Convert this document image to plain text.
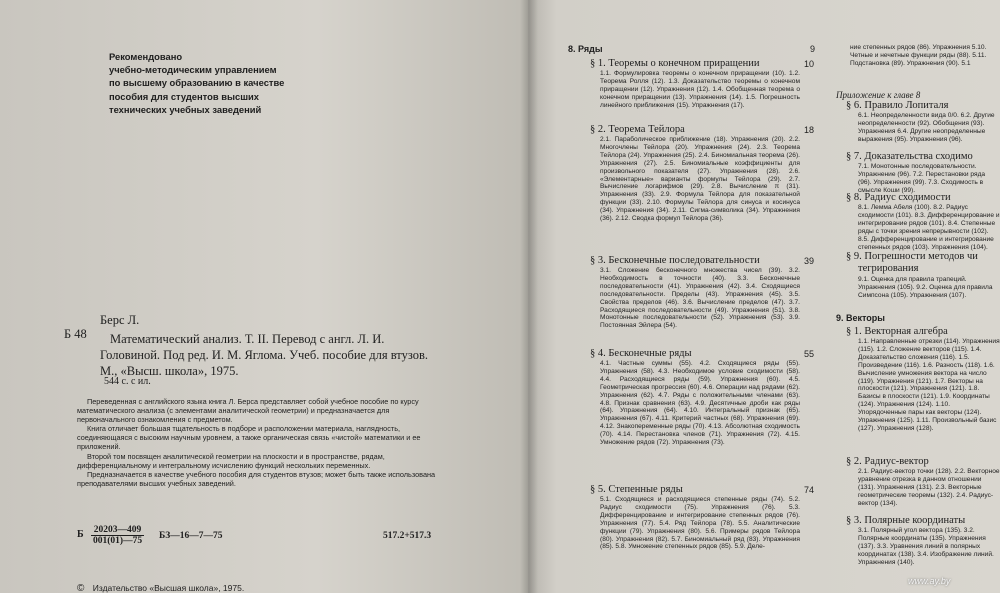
Рекомендовано
учебно-методическим управлением
по высшему образованию в качестве
пособия для студентов высших
технических учебных заведений
Б 48
Берс Л.
Математический анализ. Т. II. Перевод с англ. Л. И. Головиной. Под ред. И. М. Яглома. Учеб. пособие для втузов. М., «Высш. школа», 1975.
544 с. с ил.

Переведенная с английского языка книга Л. Берса представляет собой учебное пособие по курсу математического анализа (с элементами аналитической геометрии) и предназначается для первоначального ознакомления с предметом.

Книга отличает большая тщательность в подборе и расположении материала, наглядность, соединяющаяся с высоким научным уровнем, а также органическая связь «чистой» математики и ее приложений.

Второй том посвящен аналитической геометрии на плоскости и в пространстве, рядам, дифференциальному и интегральному исчислению функций нескольких переменных.

Предназначается в качестве учебного пособия для студентов втузов; может быть также использована преподавателями высших учебных заведений.

Б $\frac{20203—409}{001(01)—75}$ БЗ—16—7—75	517.2+517.3
© Издательство «Высшая школа», 1975.
8. Ряды	9
§ 1. Теоремы о конечном приращении	10
1.1. Формулировка теоремы о конечном приращении (10). 1.2. Теорема Ролля (12). 1.3. Доказательство теоремы о конечном приращении (12). Упражнения (12). 1.4. Обобщенная теорема о конечном приращении (13). Упражнения (14). 1.5. Погрешность линейного приближения (15). Упражнения (17).
§ 2. Теорема Тейлора	18
2.1. Параболическое приближение (18). Упражнения (20). 2.2. Многочлены Тейлора (20). Упражнения (24). 2.3. Теорема Тейлора (24). Упражнения (25). 2.4. Биномиальная теорема (26). Упражнения (27). 2.5. Биномиальные коэффициенты для произвольного показателя (27). Упражнения (28). 2.6. «Элементарные» варианты формулы Тейлора (29). 2.7. Вычисление логарифмов (29). 2.8. Вычисление π (31). Упражнения (33). 2.9. Формула Тейлора для показательной функции (33). 2.10. Формулы Тейлора для синуса и косинуса (34). Упражнения (34). 2.11. Сигма-символика (34). Упражнения (36). 2.12. Сводка формул Тейлора (36).
§ 3. Бесконечные последовательности	39
3.1. Сложение бесконечного множества чисел (39). 3.2. Необходимость в точности (40). 3.3. Бесконечные последовательности (41). Упражнения (42). 3.4. Сходящиеся последовательности. Пределы (43). Упражнения (45). 3.5. Свойства пределов (46). 3.6. Вычисление пределов (47). 3.7. Расходящиеся последовательности (49). Упражнения (51). 3.8. Монотонные последовательности (52). Упражнения (53). 3.9. Постоянная Эйлера (54).
§ 4. Бесконечные ряды	55
4.1. Частные суммы (55). 4.2. Сходящиеся ряды (55). Упражнения (58). 4.3. Необходимое условие сходимости (58). 4.4. Расходящиеся ряды (59). Упражнения (60). 4.5. Геометрическая прогрессия (60). 4.6. Операции над рядами (62). Упражнения (62). 4.7. Ряды с положительными членами (63). 4.8. Признак сравнения (63). 4.9. Десятичные дроби как ряды (64). Упражнения (64). 4.10. Интегральный признак (65). Упражнения (67). 4.11. Критерий частных (68). Упражнения (69). 4.12. Знакопеременные ряды (70). 4.13. Абсолютная сходимость (70). 4.14. Перестановка членов (71). Упражнения (72). 4.15. Умножение рядов (72). Упражнения (73).
§ 5. Степенные ряды	74
5.1. Сходящиеся и расходящиеся степенные ряды (74). 5.2. Радиус сходимости (75). Упражнения (76). 5.3. Дифференцирование и интегрирование степенных рядов (76). Упражнения (77). 5.4. Ряд Тейлора (78). 5.5. Аналитические функции (79). Упражнения (80). 5.6. Примеры рядов Тейлора (80). Упражнения (82). 5.7. Биномиальный ряд (83). Упражнения (85). 5.8. Умножение степенных рядов (85). 5.9. Деле-
ние степенных рядов (86). Упражнения 5.10. Четные и нечетные функции ряды (88). 5.11. Подстановка (89). Упражнения (90). 5.1
Приложение к главе 8
§ 6. Правило Лопиталя
6.1. Неопределенности вида 0/0. 6.2. Другие неопределенности (92). Обобщения (93). Упражнения 6.4. Другие неопределенные выражения (95). Упражнения (96).
§ 7. Доказательства сходимо
7.1. Монотонные последовательности. Упражнение (96). 7.2. Перестановки ряда (96). Упражнения (99). 7.3. Сходимость в смысле Коши (99).
§ 8. Радиус сходимости
8.1. Лемма Абеля (100). 8.2. Радиус сходимости (101). 8.3. Дифференцирование и интегрирование рядов (101). 8.4. Степенные ряды с точки зрения непрерывности (102). 8.5. Дифференцирование и интегрирование степенных рядов (103). Упражнения (104).
§ 9. Погрешности методов чи
тегрирования
9.1. Оценка для правила трапеций. Упражнения (105). 9.2. Оценка для правила Симпсона (105). Упражнения (107).
9. Векторы
§ 1. Векторная алгебра
1.1. Направленные отрезки (114). Упражнения (115). 1.2. Сложение векторов (115). 1.4. Доказательство сложения (116). 1.5. Произведение (116). 1.6. Разность (118). 1.6. Вычисление умножения вектора на число (119). Упражнения (121). 1.7. Векторы на плоскости (121). Упражнения (121). 1.8. Базисы в плоскости (121). 1.9. Координаты (124). Упражнения (124). 1.10. Упорядоченные пары как векторы (124). Упражнения (125). 1.11. Произвольный базис (127). Упражнения (128).
§ 2. Радиус-вектор
2.1. Радиус-вектор точки (128). 2.2. Векторное уравнение отрезка в данном отношении (131). Упражнения (131). 2.3. Векторные геометрические теоремы (132). 2.4. Радиус-вектор (134).
§ 3. Полярные координаты
3.1. Полярный угол вектора (135). 3.2. Полярные координаты (135). Упражнения (137). 3.3. Уравнения линий в полярных координатах (138). 3.4. Изображение линий. Упражнения (140).
www.ay.by
